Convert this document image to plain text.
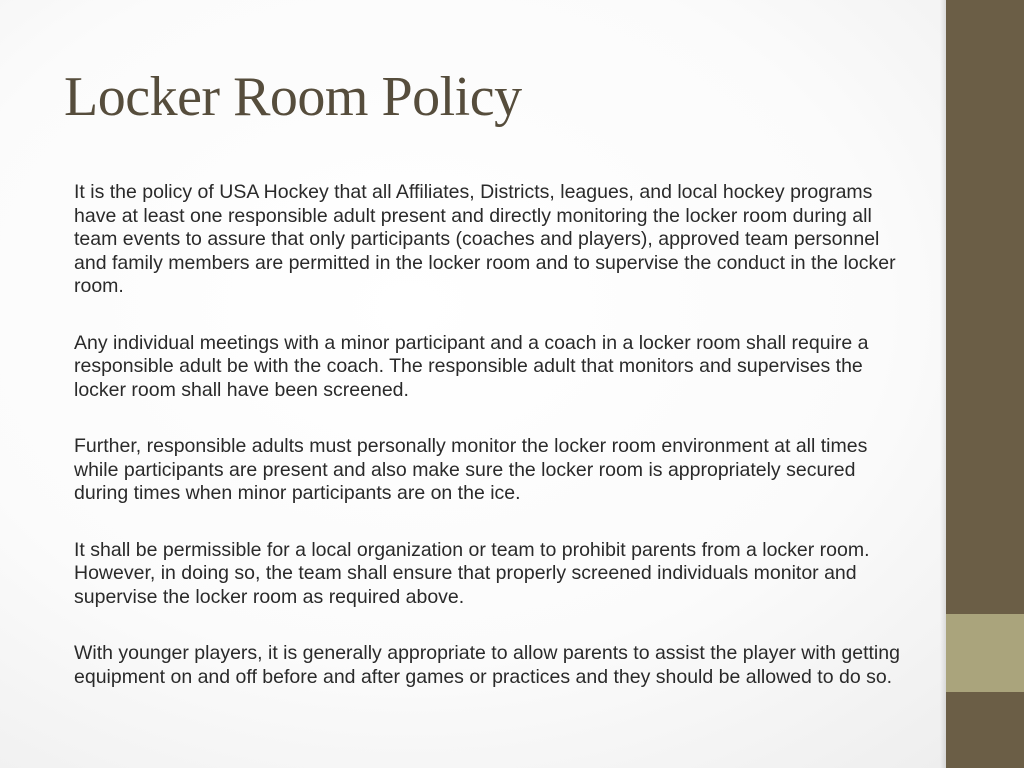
Locker Room Policy

It is the policy of USA Hockey that all Affiliates, Districts, leagues, and local hockey programs have at least one responsible adult present and directly monitoring the locker room during all team events to assure that only participants (coaches and players), approved team personnel and family members are permitted in the locker room and to supervise the conduct in the locker room.

Any individual meetings with a minor participant and a coach in a locker room shall require a responsible adult be with the coach. The responsible adult that monitors and supervises the locker room shall have been screened.

Further, responsible adults must personally monitor the locker room environment at all times while participants are present and also make sure the locker room is appropriately secured during times when minor participants are on the ice.

It shall be permissible for a local organization or team to prohibit parents from a locker room. However, in doing so, the team shall ensure that properly screened individuals monitor and supervise the locker room as required above.

With younger players, it is generally appropriate to allow parents to assist the player with getting equipment on and off before and after games or practices and they should be allowed to do so.
